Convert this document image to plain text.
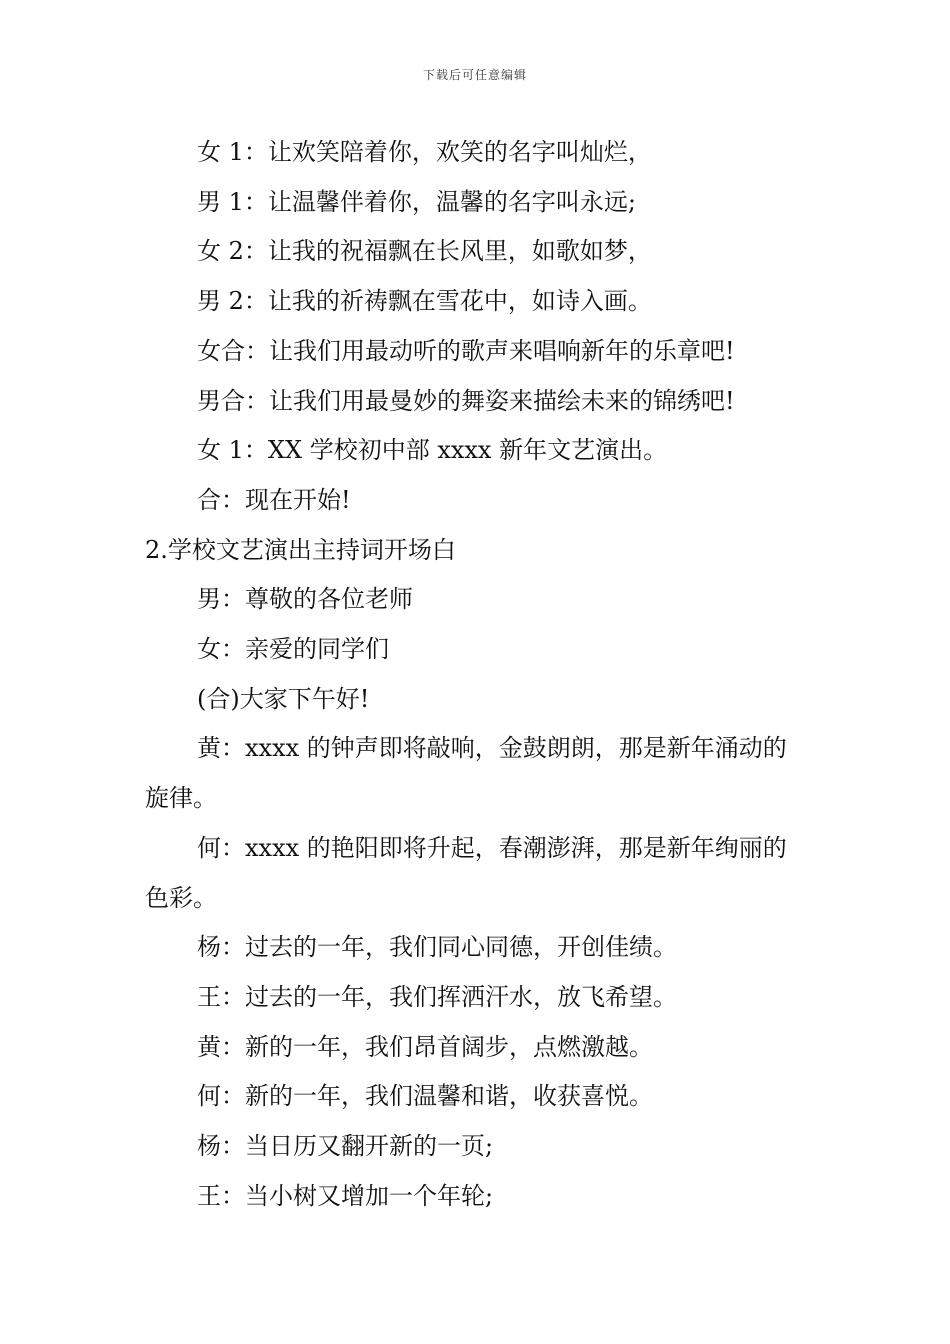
下载后可任意编辑

女 1：让欢笑陪着你，欢笑的名字叫灿烂，

男 1：让温馨伴着你，温馨的名字叫永远;

女 2：让我的祝福飘在长风里，如歌如梦，

男 2：让我的祈祷飘在雪花中，如诗入画。

女合：让我们用最动听的歌声来唱响新年的乐章吧!

男合：让我们用最曼妙的舞姿来描绘未来的锦绣吧!

女 1：XX 学校初中部 xxxx 新年文艺演出。

合：现在开始!

2.学校文艺演出主持词开场白

男：尊敬的各位老师

女：亲爱的同学们

(合)大家下午好!

黄：xxxx 的钟声即将敲响，金鼓朗朗，那是新年涌动的旋律。

何：xxxx 的艳阳即将升起，春潮澎湃，那是新年绚丽的色彩。

杨：过去的一年，我们同心同德，开创佳绩。

王：过去的一年，我们挥洒汗水，放飞希望。

黄：新的一年，我们昂首阔步，点燃激越。

何：新的一年，我们温馨和谐，收获喜悦。

杨：当日历又翻开新的一页;

王：当小树又增加一个年轮;
